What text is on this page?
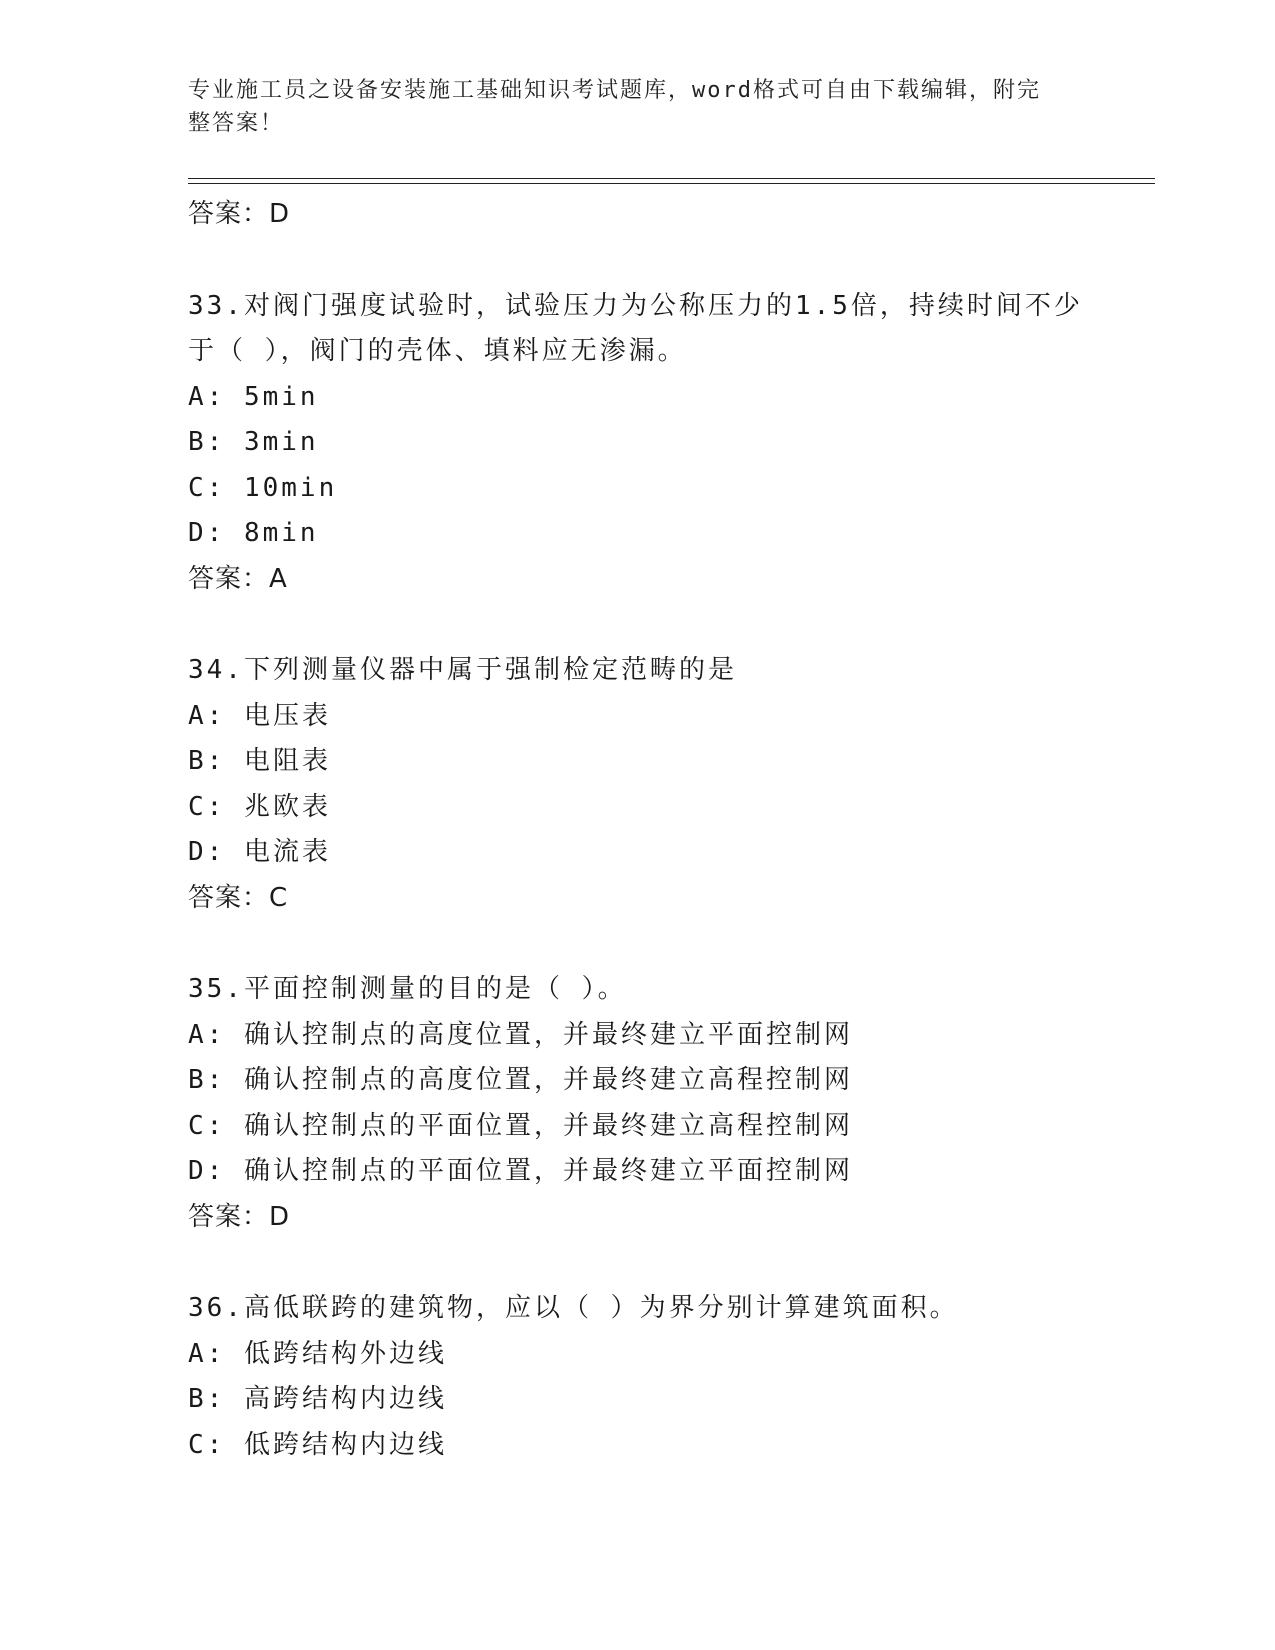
专业施工员之设备安装施工基础知识考试题库，word格式可自由下载编辑，附完
整答案！
答案：D
33.对阀门强度试验时，试验压力为公称压力的1.5倍，持续时间不少
于（ ），阀门的壳体、填料应无渗漏。
A: 5min
B: 3min
C: 10min
D: 8min
答案：A
34.下列测量仪器中属于强制检定范畴的是
A: 电压表
B: 电阻表
C: 兆欧表
D: 电流表
答案：C
35.平面控制测量的目的是（ ）。
A: 确认控制点的高度位置，并最终建立平面控制网
B: 确认控制点的高度位置，并最终建立高程控制网
C: 确认控制点的平面位置，并最终建立高程控制网
D: 确认控制点的平面位置，并最终建立平面控制网
答案：D
36.高低联跨的建筑物，应以（ ）为界分别计算建筑面积。
A: 低跨结构外边线
B: 高跨结构内边线
C: 低跨结构内边线
